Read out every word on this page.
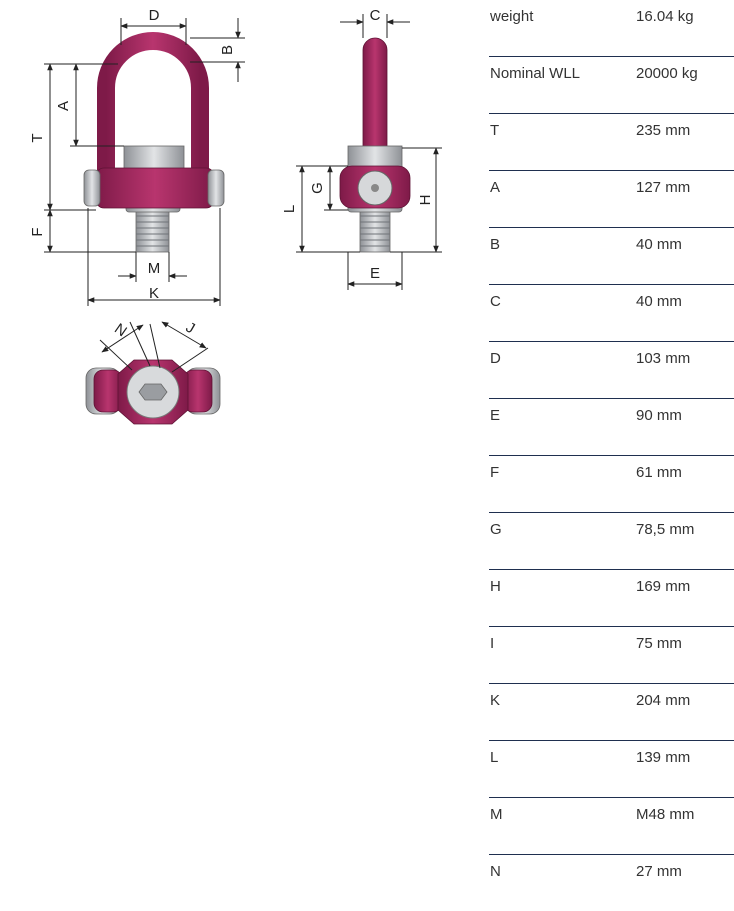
D
B
A
T
F
M
K
C
G
L
H
E
N	J
weight	16.04 kg
Nominal WLL	20000 kg
T	235 mm
A	127 mm
B	40 mm
C	40 mm
D	103 mm
E	90 mm
F	61 mm
G	78,5 mm
H	169 mm
I	75 mm
K	204 mm
L	139 mm
M	M48 mm
N	27 mm
